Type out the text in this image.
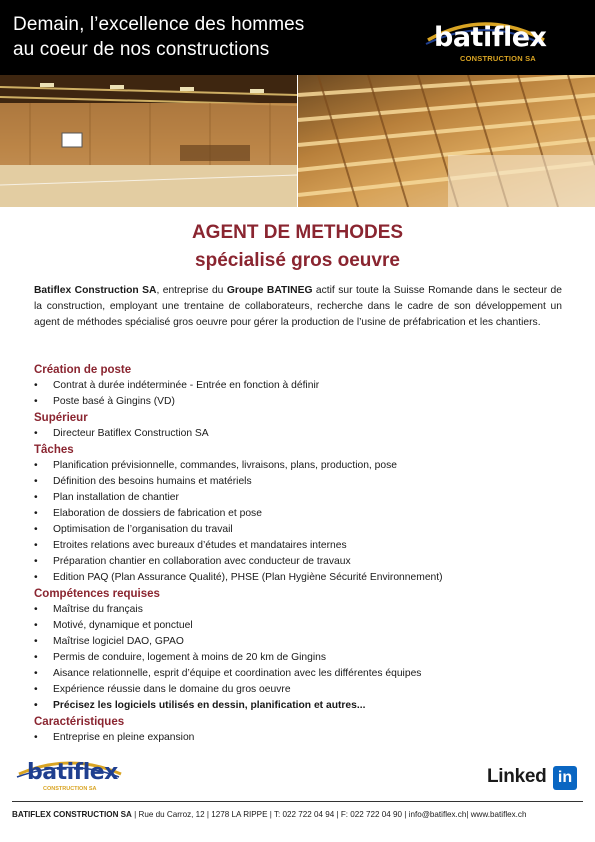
Demain, l’excellence des hommes
au coeur de nos constructions	batiflex
CONSTRUCTION SA
AGENT DE METHODES
spécialisé gros oeuvre
Batiflex Construction SA, entreprise du Groupe BATINEG actif sur toute la Suisse Romande dans le secteur de la construction, employant une trentaine de collaborateurs, recherche dans le cadre de son développement un agent de méthodes spécialisé gros oeuvre pour gérer la production de l’usine de préfabrication et les chantiers.
Création de poste
• Contrat à durée indéterminée - Entrée en fonction à définir
• Poste basé à Gingins (VD)
Supérieur
• Directeur Batiflex Construction SA
Tâches
• Planification prévisionnelle, commandes, livraisons, plans, production, pose
• Définition des besoins humains et matériels
• Plan installation de chantier
• Elaboration de dossiers de fabrication et pose
• Optimisation de l’organisation du travail
• Etroites relations avec bureaux d’études et mandataires internes
• Préparation chantier en collaboration avec conducteur de travaux
• Edition PAQ (Plan Assurance Qualité), PHSE (Plan Hygiène Sécurité Environnement)
Compétences requises
• Maîtrise du français
• Motivé, dynamique et ponctuel
• Maîtrise logiciel DAO, GPAO
• Permis de conduire, logement à moins de 20 km de Gingins
• Aisance relationnelle, esprit d’équipe et coordination avec les différentes équipes
• Expérience réussie dans le domaine du gros oeuvre
• Précisez les logiciels utilisés en dessin, planification et autres...
Caractéristiques
• Entreprise en pleine expansion
batiflex
CONSTRUCTION SA
Linked in
BATIFLEX CONSTRUCTION SA | Rue du Carroz, 12 | 1278 LA RIPPE | T: 022 722 04 94 | F: 022 722 04 90 | info@batiflex.ch| www.batiflex.ch
